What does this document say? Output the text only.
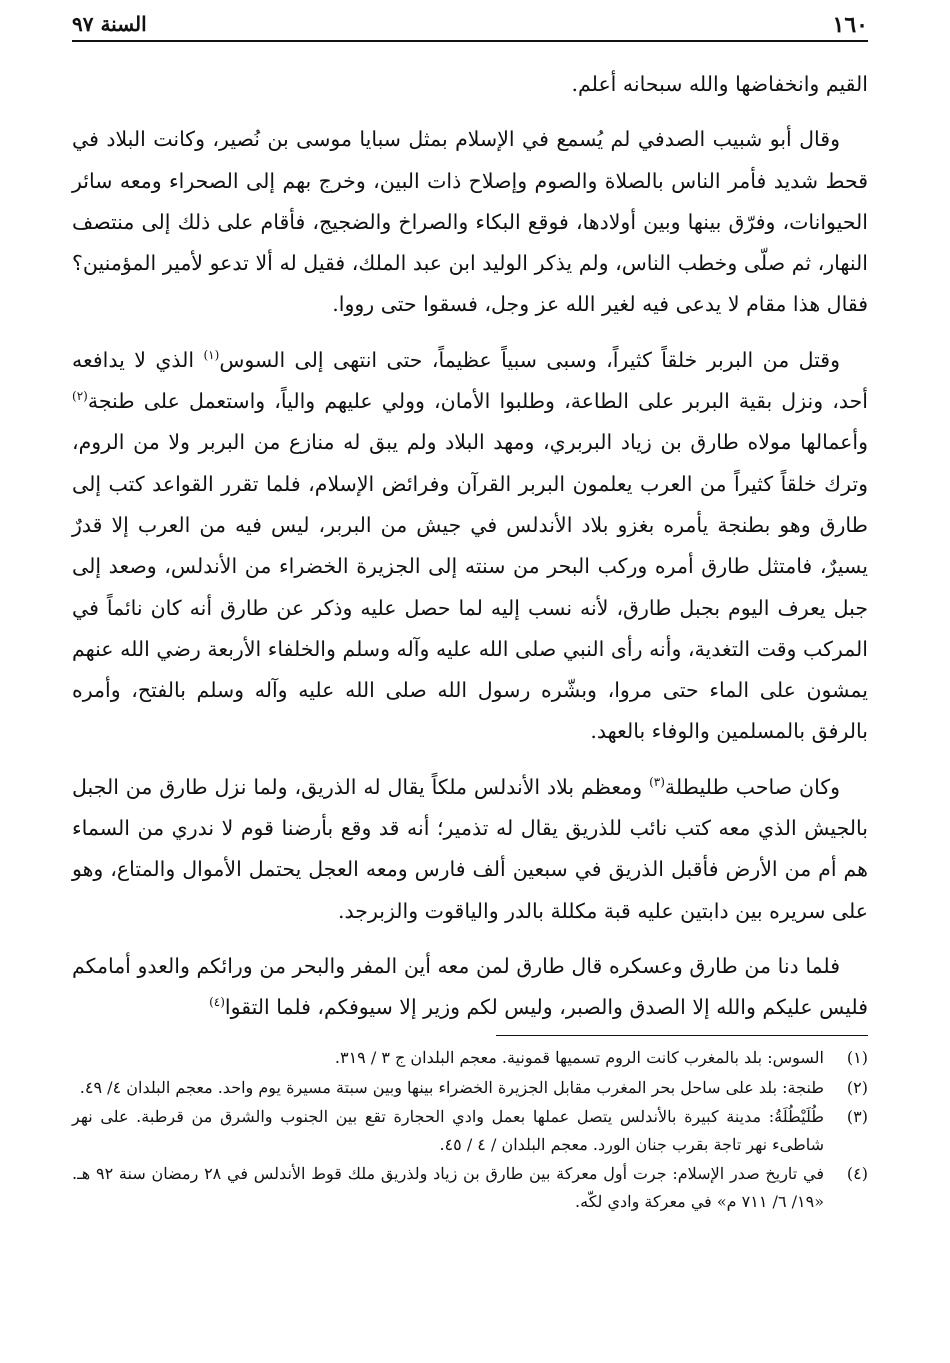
السنة ٩٧	١٦٠

القيم وانخفاضها والله سبحانه أعلم.

وقال أبو شبيب الصدفي لم يُسمع في الإسلام بمثل سبايا موسى بن نُصير، وكانت البلاد في قحط شديد فأمر الناس بالصلاة والصوم وإصلاح ذات البين، وخرج بهم إلى الصحراء ومعه سائر الحيوانات، وفرّق بينها وبين أولادها، فوقع البكاء والصراخ والضجيج، فأقام على ذلك إلى منتصف النهار، ثم صلّى وخطب الناس، ولم يذكر الوليد ابن عبد الملك، فقيل له ألا تدعو لأمير المؤمنين؟ فقال هذا مقام لا يدعى فيه لغير الله عز وجل، فسقوا حتى رووا.

وقتل من البربر خلقاً كثيراً، وسبى سبياً عظيماً، حتى انتهى إلى السوس$^{(١)}$ الذي لا يدافعه أحد، ونزل بقية البربر على الطاعة، وطلبوا الأمان، وولي عليهم والياً، واستعمل على طنجة$^{(٢)}$ وأعمالها مولاه طارق بن زياد البربري، ومهد البلاد ولم يبق له منازع من البربر ولا من الروم، وترك خلقاً كثيراً من العرب يعلمون البربر القرآن وفرائض الإسلام، فلما تقرر القواعد كتب إلى طارق وهو بطنجة يأمره بغزو بلاد الأندلس في جيش من البربر، ليس فيه من العرب إلا قدرٌ يسيرٌ، فامتثل طارق أمره وركب البحر من سنته إلى الجزيرة الخضراء من الأندلس، وصعد إلى جبل يعرف اليوم بجبل طارق، لأنه نسب إليه لما حصل عليه وذكر عن طارق أنه كان نائماً في المركب وقت التغدية، وأنه رأى النبي صلى الله عليه وآله وسلم والخلفاء الأربعة رضي الله عنهم يمشون على الماء حتى مروا، وبشّره رسول الله صلى الله عليه وآله وسلم بالفتح، وأمره بالرفق بالمسلمين والوفاء بالعهد.

وكان صاحب طليطلة$^{(٣)}$ ومعظم بلاد الأندلس ملكاً يقال له الذريق، ولما نزل طارق من الجبل بالجيش الذي معه كتب نائب للذريق يقال له تذمير؛ أنه قد وقع بأرضنا قوم لا ندري من السماء هم أم من الأرض فأقبل الذريق في سبعين ألف فارس ومعه العجل يحتمل الأموال والمتاع، وهو على سريره بين دابتين عليه قبة مكللة بالدر والياقوت والزبرجد.

فلما دنا من طارق وعسكره قال طارق لمن معه أين المفر والبحر من ورائكم والعدو أمامكم فليس عليكم والله إلا الصدق والصبر، وليس لكم وزير إلا سيوفكم، فلما التقوا$^{(٤)}$

(١)
السوس: بلد بالمغرب كانت الروم تسميها قمونية. معجم البلدان ج ٣ / ٣١٩.
(٢)
طنجة: بلد على ساحل بحر المغرب مقابل الجزيرة الخضراء بينها وبين سبتة مسيرة يوم واحد. معجم البلدان ٤/ ٤٩.
(٣)
طُلَيْطُلَةُ: مدينة كبيرة بالأندلس يتصل عملها بعمل وادي الحجارة تقع بين الجنوب والشرق من قرطبة. على نهر شاطىء نهر تاجة بقرب جنان الورد. معجم البلدان / ٤ / ٤٥.
(٤)
في تاريخ صدر الإسلام: جرت أول معركة بين طارق بن زياد ولذريق ملك قوط الأندلس في ٢٨ رمضان سنة ٩٢ هـ. «١٩/ ٦/ ٧١١ م» في معركة وادي لكّه.
